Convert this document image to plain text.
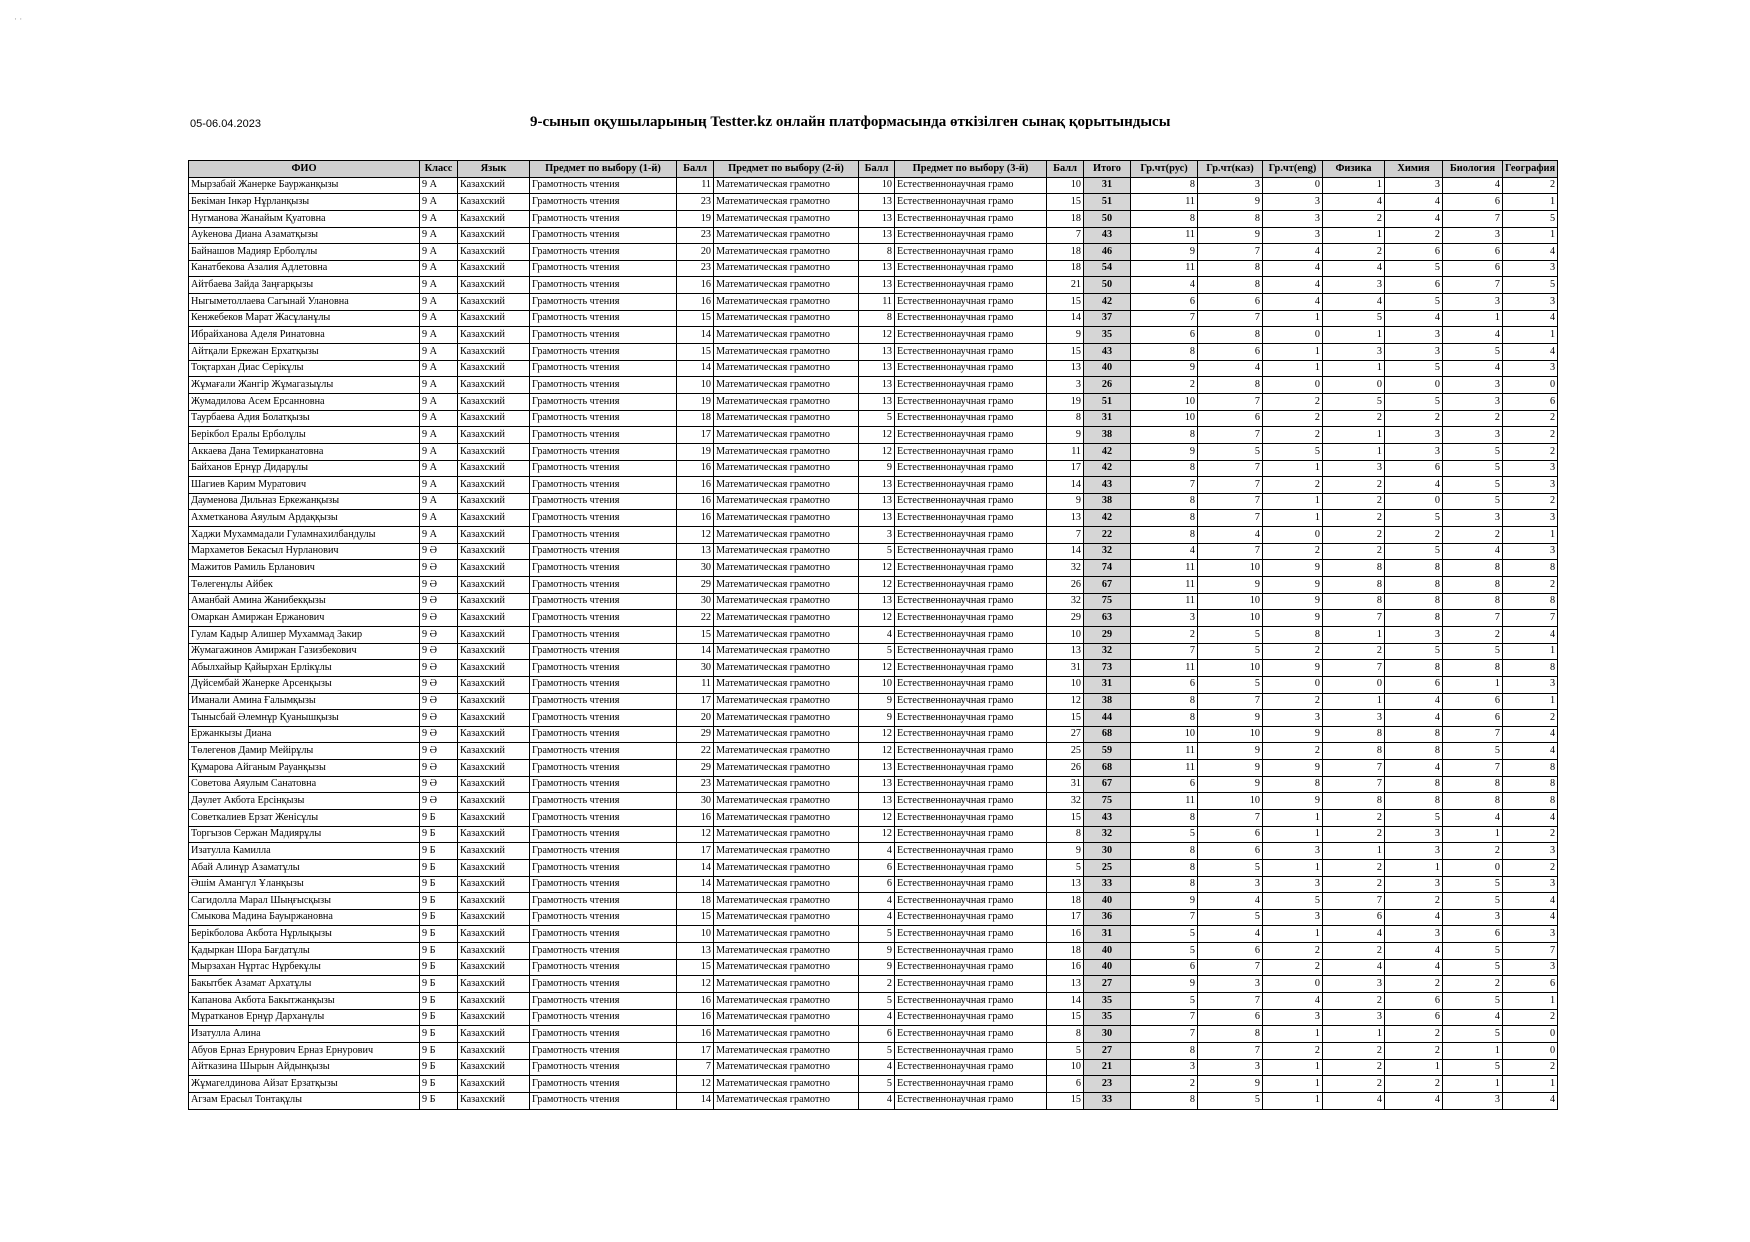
· ·
05-06.04.2023	9-сынып оқушыларының Testter.kz онлайн платформасында өткізілген сынақ қорытындысы
ФИО	Класс	Язык	Предмет по выбору (1-й)	Балл	Предмет по выбору (2-й)	Балл	Предмет по выбору (3-й)	Балл	Итого	Гр.чт(рус)	Гр.чт(каз)	Гр.чт(eng)	Физика	Химия	Биология	География
Мырзабай Жанерке Бауржанқызы	9 А	Казахский	Грамотность чтения	11	Математическая грамотно	10	Естественнонаучная грамо	10	31	8	3	0	1	3	4	2
Бекіман Інкәр Нұрланқызы	9 А	Казахский	Грамотность чтения	23	Математическая грамотно	13	Естественнонаучная грамо	15	51	11	9	3	4	4	6	1
Нугманова Жанайым Қуатовна	9 А	Казахский	Грамотность чтения	19	Математическая грамотно	13	Естественнонаучная грамо	18	50	8	8	3	2	4	7	5
Ауkенова Диана Азаматқызы	9 А	Казахский	Грамотность чтения	23	Математическая грамотно	13	Естественнонаучная грамо	7	43	11	9	3	1	2	3	1
Байнашов Мадияр Ерболұлы	9 А	Казахский	Грамотность чтения	20	Математическая грамотно	8	Естественнонаучная грамо	18	46	9	7	4	2	6	6	4
Канатбекова Азалия Адлетовна	9 А	Казахский	Грамотность чтения	23	Математическая грамотно	13	Естественнонаучная грамо	18	54	11	8	4	4	5	6	3
Айтбаева Зайда Заңғарқызы	9 А	Казахский	Грамотность чтения	16	Математическая грамотно	13	Естественнонаучная грамо	21	50	4	8	4	3	6	7	5
Ныгыметоллаева Сагынай Улановна	9 А	Казахский	Грамотность чтения	16	Математическая грамотно	11	Естественнонаучная грамо	15	42	6	6	4	4	5	3	3
Кенжебеков Марат Жасұланұлы	9 А	Казахский	Грамотность чтения	15	Математическая грамотно	8	Естественнонаучная грамо	14	37	7	7	1	5	4	1	4
Ибрайханова Аделя Ринатовна	9 А	Казахский	Грамотность чтения	14	Математическая грамотно	12	Естественнонаучная грамо	9	35	6	8	0	1	3	4	1
Айтқали Еркежан Ерхатқызы	9 А	Казахский	Грамотность чтения	15	Математическая грамотно	13	Естественнонаучная грамо	15	43	8	6	1	3	3	5	4
Тоқтархан Диас Серікұлы	9 А	Казахский	Грамотность чтения	14	Математическая грамотно	13	Естественнонаучная грамо	13	40	9	4	1	1	5	4	3
Жұмағали Жангір Жұмагазыұлы	9 А	Казахский	Грамотность чтения	10	Математическая грамотно	13	Естественнонаучная грамо	3	26	2	8	0	0	0	3	0
Жумадилова Асем Ерсанновна	9 А	Казахский	Грамотность чтения	19	Математическая грамотно	13	Естественнонаучная грамо	19	51	10	7	2	5	5	3	6
Таурбаева Адия Болатқызы	9 А	Казахский	Грамотность чтения	18	Математическая грамотно	5	Естественнонаучная грамо	8	31	10	6	2	2	2	2	2
Берікбол Ералы Ерболұлы	9 А	Казахский	Грамотность чтения	17	Математическая грамотно	12	Естественнонаучная грамо	9	38	8	7	2	1	3	3	2
Аккаева Дана Темирканатовна	9 А	Казахский	Грамотность чтения	19	Математическая грамотно	12	Естественнонаучная грамо	11	42	9	5	5	1	3	5	2
Байханов Ернұр Дидарұлы	9 А	Казахский	Грамотность чтения	16	Математическая грамотно	9	Естественнонаучная грамо	17	42	8	7	1	3	6	5	3
Шагиев Карим Муратович	9 А	Казахский	Грамотность чтения	16	Математическая грамотно	13	Естественнонаучная грамо	14	43	7	7	2	2	4	5	3
Дауменова Дильназ Еркежанқызы	9 А	Казахский	Грамотность чтения	16	Математическая грамотно	13	Естественнонаучная грамо	9	38	8	7	1	2	0	5	2
Ахметканова Аяулым Ардаққызы	9 А	Казахский	Грамотность чтения	16	Математическая грамотно	13	Естественнонаучная грамо	13	42	8	7	1	2	5	3	3
Хаджи Мухаммадали Гуламнахилбандулы	9 А	Казахский	Грамотность чтения	12	Математическая грамотно	3	Естественнонаучная грамо	7	22	8	4	0	2	2	2	1
Мархаметов Бекасыл Нурланович	9 Ә	Казахский	Грамотность чтения	13	Математическая грамотно	5	Естественнонаучная грамо	14	32	4	7	2	2	5	4	3
Мажитов Рамиль Ерланович	9 Ә	Казахский	Грамотность чтения	30	Математическая грамотно	12	Естественнонаучная грамо	32	74	11	10	9	8	8	8	8
Төлегенұлы Айбек	9 Ә	Казахский	Грамотность чтения	29	Математическая грамотно	12	Естественнонаучная грамо	26	67	11	9	9	8	8	8	2
Аманбай Амина Жанибекқызы	9 Ә	Казахский	Грамотность чтения	30	Математическая грамотно	13	Естественнонаучная грамо	32	75	11	10	9	8	8	8	8
Омаркан Амиржан Ержанович	9 Ә	Казахский	Грамотность чтения	22	Математическая грамотно	12	Естественнонаучная грамо	29	63	3	10	9	7	8	7	7
Гулам Кадыр Алишер Мухаммад Закир	9 Ә	Казахский	Грамотность чтения	15	Математическая грамотно	4	Естественнонаучная грамо	10	29	2	5	8	1	3	2	4
Жумагажинов Амиржан Газизбекович	9 Ә	Казахский	Грамотность чтения	14	Математическая грамотно	5	Естественнонаучная грамо	13	32	7	5	2	2	5	5	1
Абылхайыр Қайырхан Ерлікұлы	9 Ә	Казахский	Грамотность чтения	30	Математическая грамотно	12	Естественнонаучная грамо	31	73	11	10	9	7	8	8	8
Дүйсембай Жанерке Арсенқызы	9 Ә	Казахский	Грамотность чтения	11	Математическая грамотно	10	Естественнонаучная грамо	10	31	6	5	0	0	6	1	3
Иманали Амина Ғалымқызы	9 Ә	Казахский	Грамотность чтения	17	Математическая грамотно	9	Естественнонаучная грамо	12	38	8	7	2	1	4	6	1
Тыныcбай Әлемнұр Қуанышқызы	9 Ә	Казахский	Грамотность чтения	20	Математическая грамотно	9	Естественнонаучная грамо	15	44	8	9	3	3	4	6	2
Ержанкызы Диана	9 Ә	Казахский	Грамотность чтения	29	Математическая грамотно	12	Естественнонаучная грамо	27	68	10	10	9	8	8	7	4
Төлегенов Дамир Мейірұлы	9 Ә	Казахский	Грамотность чтения	22	Математическая грамотно	12	Естественнонаучная грамо	25	59	11	9	2	8	8	5	4
Құмарова Айганым Рауанқызы	9 Ә	Казахский	Грамотность чтения	29	Математическая грамотно	13	Естественнонаучная грамо	26	68	11	9	9	7	4	7	8
Советова Аяулым Санатовна	9 Ә	Казахский	Грамотность чтения	23	Математическая грамотно	13	Естественнонаучная грамо	31	67	6	9	8	7	8	8	8
Дәулет Акбота Ерсінқызы	9 Ә	Казахский	Грамотность чтения	30	Математическая грамотно	13	Естественнонаучная грамо	32	75	11	10	9	8	8	8	8
Советкалиев Ерзат Женісұлы	9 Б	Казахский	Грамотность чтения	16	Математическая грамотно	12	Естественнонаучная грамо	15	43	8	7	1	2	5	4	4
Торгызов Сержан Мадиярұлы	9 Б	Казахский	Грамотность чтения	12	Математическая грамотно	12	Естественнонаучная грамо	8	32	5	6	1	2	3	1	2
Изатулла Камилла	9 Б	Казахский	Грамотность чтения	17	Математическая грамотно	4	Естественнонаучная грамо	9	30	8	6	3	1	3	2	3
Абай Алинұр Азаматұлы	9 Б	Казахский	Грамотность чтения	14	Математическая грамотно	6	Естественнонаучная грамо	5	25	8	5	1	2	1	0	2
Әшім Амангүл Ұланқызы	9 Б	Казахский	Грамотность чтения	14	Математическая грамотно	6	Естественнонаучная грамо	13	33	8	3	3	2	3	5	3
Сагидолла Марал Шыңғысқызы	9 Б	Казахский	Грамотность чтения	18	Математическая грамотно	4	Естественнонаучная грамо	18	40	9	4	5	7	2	5	4
Смыкова Мадина Бауыржановна	9 Б	Казахский	Грамотность чтения	15	Математическая грамотно	4	Естественнонаучная грамо	17	36	7	5	3	6	4	3	4
Берікболова Акбота Нұрлықызы	9 Б	Казахский	Грамотность чтения	10	Математическая грамотно	5	Естественнонаучная грамо	16	31	5	4	1	4	3	6	3
Қадыркан Шора Бағдатұлы	9 Б	Казахский	Грамотность чтения	13	Математическая грамотно	9	Естественнонаучная грамо	18	40	5	6	2	2	4	5	7
Мырзахан Нұртас Нұрбекұлы	9 Б	Казахский	Грамотность чтения	15	Математическая грамотно	9	Естественнонаучная грамо	16	40	6	7	2	4	4	5	3
Бакытбек Азамат Архатұлы	9 Б	Казахский	Грамотность чтения	12	Математическая грамотно	2	Естественнонаучная грамо	13	27	9	3	0	3	2	2	6
Капанова Акбота Бакытжанқызы	9 Б	Казахский	Грамотность чтения	16	Математическая грамотно	5	Естественнонаучная грамо	14	35	5	7	4	2	6	5	1
Мұратканов Ернұр Дарханұлы	9 Б	Казахский	Грамотность чтения	16	Математическая грамотно	4	Естественнонаучная грамо	15	35	7	6	3	3	6	4	2
Изатулла Алина	9 Б	Казахский	Грамотность чтения	16	Математическая грамотно	6	Естественнонаучная грамо	8	30	7	8	1	1	2	5	0
Абуов Ерназ Ернурович Ерназ Ернурович	9 Б	Казахский	Грамотность чтения	17	Математическая грамотно	5	Естественнонаучная грамо	5	27	8	7	2	2	2	1	0
Айтказина Шырын Айдынқызы	9 Б	Казахский	Грамотность чтения	7	Математическая грамотно	4	Естественнонаучная грамо	10	21	3	3	1	2	1	5	2
Жұмагелдинова Айзат Ерзатқызы	9 Б	Казахский	Грамотность чтения	12	Математическая грамотно	5	Естественнонаучная грамо	6	23	2	9	1	2	2	1	1
Агзам Ерасыл Тонтақұлы	9 Б	Казахский	Грамотность чтения	14	Математическая грамотно	4	Естественнонаучная грамо	15	33	8	5	1	4	4	3	4
